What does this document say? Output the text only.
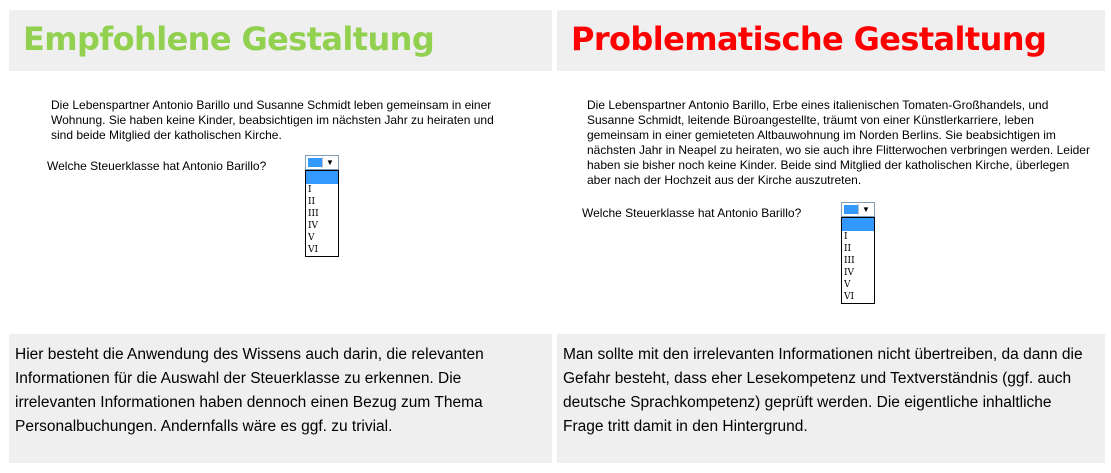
Empfohlene Gestaltung
Die Lebenspartner Antonio Barillo und Susanne Schmidt leben gemeinsam in einer Wohnung. Sie haben keine Kinder, beabsichtigen im nächsten Jahr zu heiraten und sind beide Mitglied der katholischen Kirche.
Welche Steuerklasse hat Antonio Barillo?	▼
I
II
III
IV
V
VI
Hier besteht die Anwendung des Wissens auch darin, die relevanten Informationen für die Auswahl der Steuerklasse zu erkennen. Die irrelevanten Informationen haben dennoch einen Bezug zum Thema Personalbuchungen. Andernfalls wäre es ggf. zu trivial.
Problematische Gestaltung
Die Lebenspartner Antonio Barillo, Erbe eines italienischen Tomaten-Großhandels, und Susanne Schmidt, leitende Büroangestellte, träumt von einer Künstlerkarriere, leben gemeinsam in einer gemieteten Altbauwohnung im Norden Berlins. Sie beabsichtigen im nächsten Jahr in Neapel zu heiraten, wo sie auch ihre Flitterwochen verbringen werden. Leider haben sie bisher noch keine Kinder. Beide sind Mitglied der katholischen Kirche, überlegen aber nach der Hochzeit aus der Kirche auszutreten.
Welche Steuerklasse hat Antonio Barillo?	▼
I
II
III
IV
V
VI
Man sollte mit den irrelevanten Informationen nicht übertreiben, da dann die Gefahr besteht, dass eher Lesekompetenz und Textverständnis (ggf. auch deutsche Sprachkompetenz) geprüft werden. Die eigentliche inhaltliche Frage tritt damit in den Hintergrund.
